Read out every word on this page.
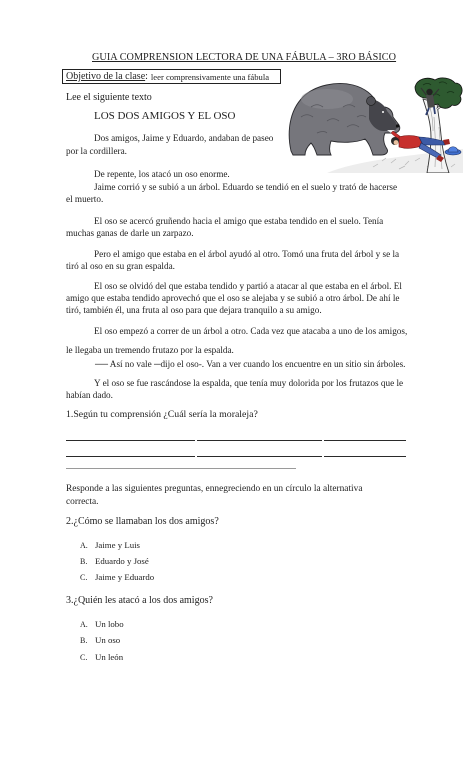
GUIA COMPRENSION LECTORA DE UNA FÁBULA – 3RO BÁSICO
Objetivo de la clase : leer comprensivamente una fábula
Lee el siguiente texto
LOS DOS AMIGOS Y EL OSO
Dos amigos, Jaime y Eduardo, andaban de paseo
por la cordillera.
De repente, los atacó un oso enorme.
Jaime corrió y se subió a un árbol. Eduardo se tendió en el suelo y trató de hacerse
el muerto.
El oso se acercó gruñendo hacia el amigo que estaba tendido en el suelo. Tenía
muchas ganas de darle un zarpazo.
Pero el amigo que estaba en el árbol ayudó al otro. Tomó una fruta del árbol y se la
tiró al oso en su gran espalda.
El oso se olvidó del que estaba tendido y partió a atacar al que estaba en el árbol. El
amigo que estaba tendido aprovechó que el oso se alejaba y se subió a otro árbol. De ahí le
tiró, también él, una fruta al oso para que dejara tranquilo a su amigo.
El oso empezó a correr de un árbol a otro. Cada vez que atacaba a uno de los amigos,
le llegaba un tremendo frutazo por la espalda.
── Así no vale ─dijo el oso-. Van a ver cuando los encuentre en un sitio sin árboles.
Y el oso se fue rascándose la espalda, que tenía muy dolorida por los frutazos que le
habían dado.
1.Según tu comprensión ¿Cuál sería la moraleja?
Responde a las siguientes preguntas, ennegreciendo en un círculo la alternativa
correcta.
2.¿Cómo se llamaban los dos amigos?
A. Jaime y Luis
B. Eduardo y José
C. Jaime y Eduardo
3.¿Quién les atacó a los dos amigos?
A. Un lobo
B. Un oso
C. Un león
